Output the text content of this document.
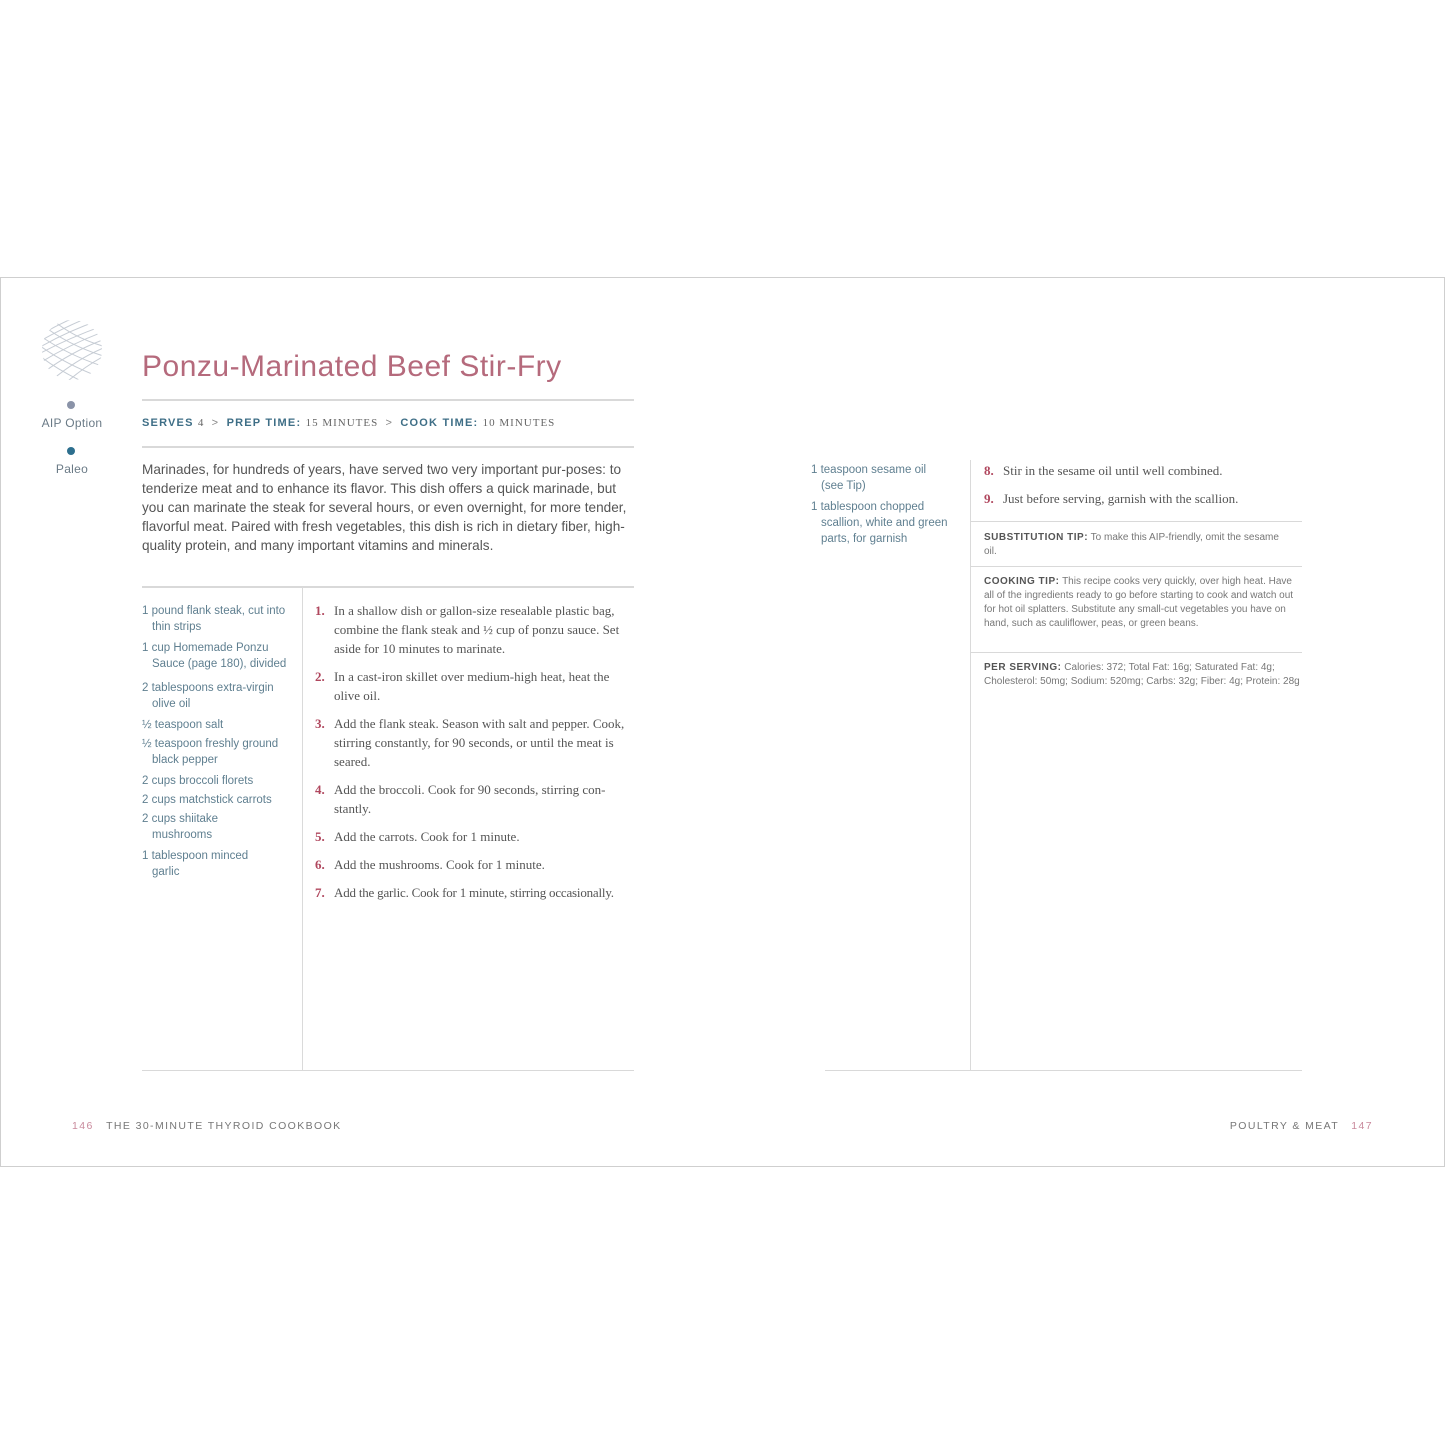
AIP Option
Paleo
Ponzu-Marinated Beef Stir-Fry
SERVES 4 > PREP TIME: 15 MINUTES > COOK TIME: 10 MINUTES

Marinades, for hundreds of years, have served two very important pur-poses: to tenderize meat and to enhance its flavor. This dish offers a quick marinade, but you can marinate the steak for several hours, or even overnight, for more tender, flavorful meat. Paired with fresh vegetables, this dish is rich in dietary fiber, high-quality protein, and many important vitamins and minerals.

1 pound flank steak, cut into thin strips
1 cup Homemade Ponzu Sauce (page 180), divided
2 tablespoons extra-virgin olive oil
½ teaspoon salt
½ teaspoon freshly ground black pepper
2 cups broccoli florets
2 cups matchstick carrots
2 cups shiitake mushrooms
1 tablespoon minced garlic
1. In a shallow dish or gallon-size resealable plastic bag, combine the flank steak and ½ cup of ponzu sauce. Set aside for 10 minutes to marinate.
2. In a cast-iron skillet over medium-high heat, heat the olive oil.
3. Add the flank steak. Season with salt and pepper. Cook, stirring constantly, for 90 seconds, or until the meat is seared.
4. Add the broccoli. Cook for 90 seconds, stirring con-stantly.
5. Add the carrots. Cook for 1 minute.
6. Add the mushrooms. Cook for 1 minute.
7. Add the garlic. Cook for 1 minute, stirring occasionally.
1 teaspoon sesame oil (see Tip)
1 tablespoon chopped scallion, white and green parts, for garnish
8. Stir in the sesame oil until well combined.
9. Just before serving, garnish with the scallion.
SUBSTITUTION TIP: To make this AIP-friendly, omit the sesame oil.
COOKING TIP: This recipe cooks very quickly, over high heat. Have all of the ingredients ready to go before starting to cook and watch out for hot oil splatters. Substitute any small-cut vegetables you have on hand, such as cauliflower, peas, or green beans.
PER SERVING: Calories: 372; Total Fat: 16g; Saturated Fat: 4g; Cholesterol: 50mg; Sodium: 520mg; Carbs: 32g; Fiber: 4g; Protein: 28g
146 THE 30-MINUTE THYROID COOKBOOK	POULTRY & MEAT 147
